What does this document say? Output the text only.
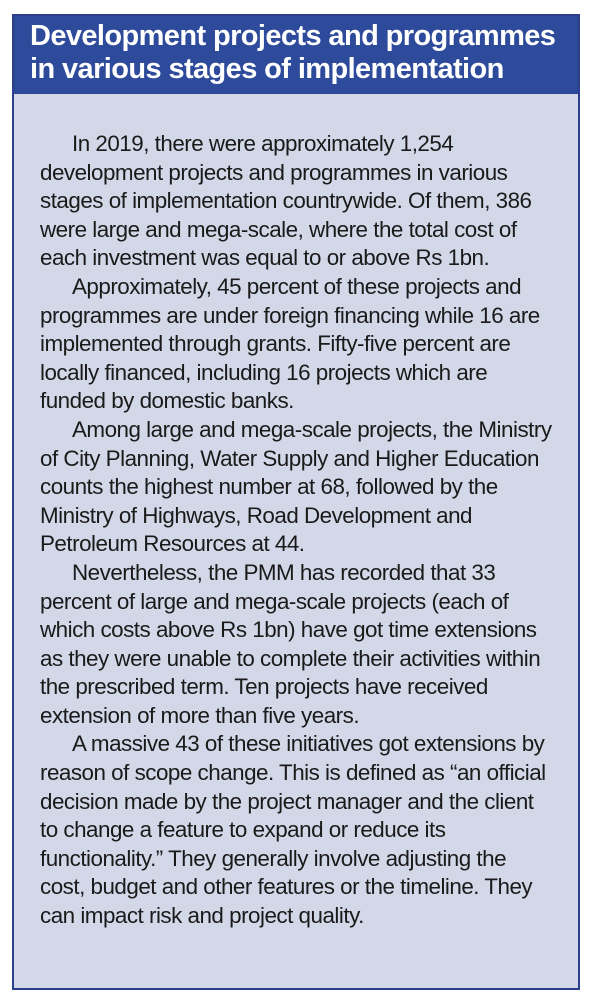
Development projects and programmes in various stages of implementation

In 2019, there were approximately 1,254 development projects and programmes in various stages of implementation countrywide. Of them, 386 were large and mega-scale, where the total cost of each investment was equal to or above Rs 1bn.

Approximately, 45 percent of these projects and programmes are under foreign financing while 16 are implemented through grants. Fifty-five percent are locally financed, including 16 projects which are funded by domestic banks.

Among large and mega-scale projects, the Ministry of City Planning, Water Supply and Higher Education counts the highest number at 68, followed by the Ministry of Highways, Road Development and Petroleum Resources at 44.

Nevertheless, the PMM has recorded that 33 percent of large and mega-scale projects (each of which costs above Rs 1bn) have got time extensions as they were unable to complete their activities within the prescribed term. Ten projects have received extension of more than five years.

A massive 43 of these initiatives got extensions by reason of scope change. This is defined as “an official decision made by the project manager and the client to change a feature to expand or reduce its functionality.” They generally involve adjusting the cost, budget and other features or the timeline. They can impact risk and project quality.
